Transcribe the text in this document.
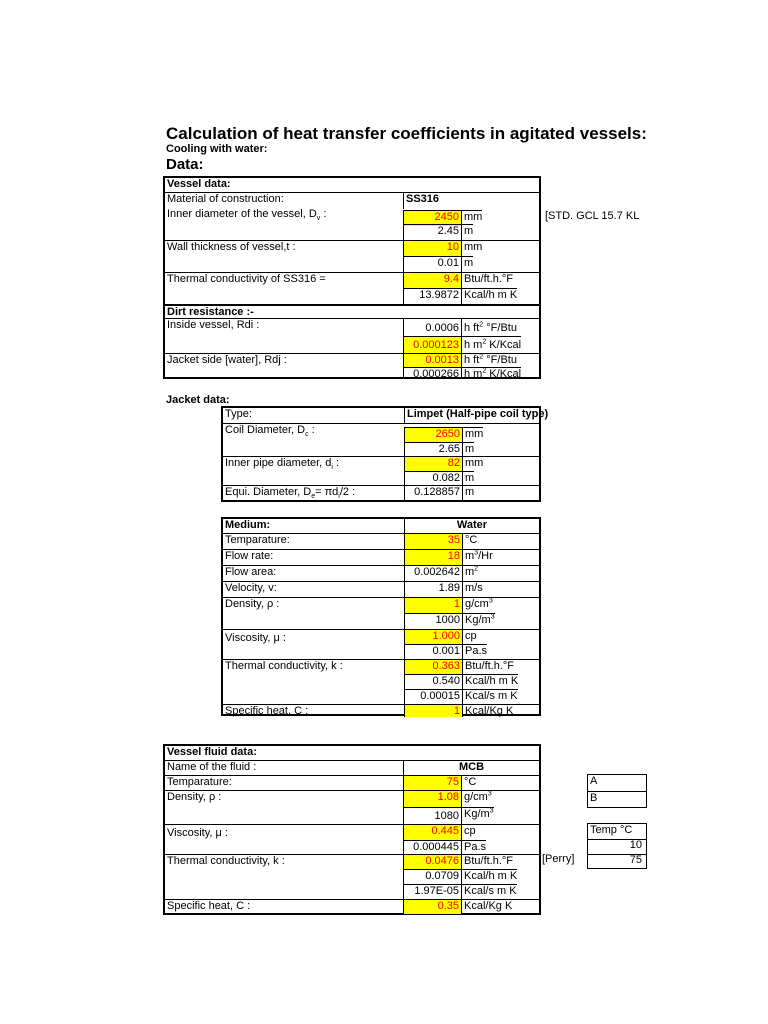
Calculation of heat transfer coefficients in agitated vessels:
Cooling with water:
Data:
Vessel data:
Material of construction:	SS316
Inner diameter of the vessel, $D_v$ :	2450 mm
2.45 m
Wall thickness of vessel,t :	10 mm
0.01 m
Thermal conductivity of SS316 =	9.4 Btu/ft.h.°F
13.9872 Kcal/h m K
Dirt resistance :-
Inside vessel, Rdi :	0.0006 h $ft^2$ °F/Btu
0.000123 h $m^2$ K/Kcal
Jacket side [water], Rdj :	0.0013 h $ft^2$ °F/Btu
0.000266 h $m^2$ K/Kcal
[STD. GCL 15.7 KL
Jacket data:
Type:	Limpet (Half-pipe coil type)
Coil Diameter, $D_c$ :	2650 mm
2.65 m
Inner pipe diameter, $d_i$ :	82 mm
0.082 m
Equi. Diameter, $D_e= \pi d_i/2$ :	0.128857 m
Medium:	Water
Temparature:	35 °C
Flow rate:	18 $m^3/Hr$
Flow area:	0.002642 $m^2$
Velocity, v:	1.89 m/s
Density, ρ :	1 $g/cm^3$
1000 $Kg/m^3$
Viscosity, μ :	1.000 cp
0.001 Pa.s
Thermal conductivity, k :	0.363 Btu/ft.h.°F
0.540 Kcal/h m K
0.00015 Kcal/s m K
Specific heat, C :	1 Kcal/Kg K
Vessel fluid data:
Name of the fluid :	MCB
Temparature:	75 °C
Density, ρ :	1.08 $g/cm^3$
1080 $Kg/m^3$
Viscosity, μ :	0.445 cp
0.000445 Pa.s
Thermal conductivity, k :	0.0476 Btu/ft.h.°F
0.0709 Kcal/h m K
1.97E-05 Kcal/s m K
Specific heat, C :	0.35 Kcal/Kg K
[Perry]
A
B
Temp °C
10
75
